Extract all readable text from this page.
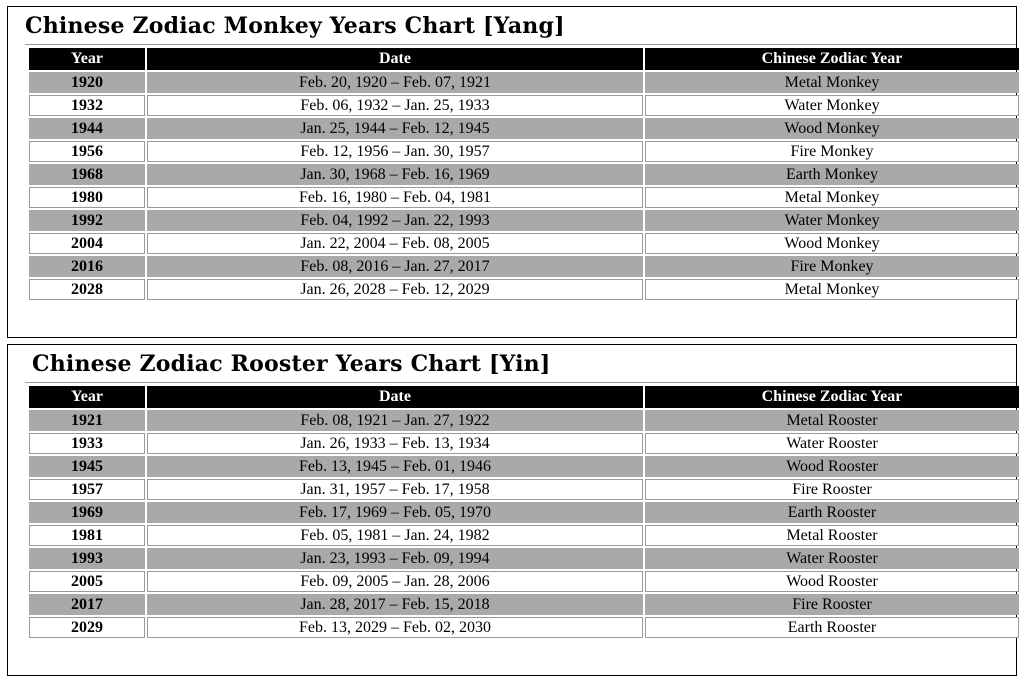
Chinese Zodiac Monkey Years Chart [Yang]
Year	Date	Chinese Zodiac Year
1920	Feb. 20, 1920 – Feb. 07, 1921	Metal Monkey
1932	Feb. 06, 1932 – Jan. 25, 1933	Water Monkey
1944	Jan. 25, 1944 – Feb. 12, 1945	Wood Monkey
1956	Feb. 12, 1956 – Jan. 30, 1957	Fire Monkey
1968	Jan. 30, 1968 – Feb. 16, 1969	Earth Monkey
1980	Feb. 16, 1980 – Feb. 04, 1981	Metal Monkey
1992	Feb. 04, 1992 – Jan. 22, 1993	Water Monkey
2004	Jan. 22, 2004 – Feb. 08, 2005	Wood Monkey
2016	Feb. 08, 2016 – Jan. 27, 2017	Fire Monkey
2028	Jan. 26, 2028 – Feb. 12, 2029	Metal Monkey
Chinese Zodiac Rooster Years Chart [Yin]
Year	Date	Chinese Zodiac Year
1921	Feb. 08, 1921 – Jan. 27, 1922	Metal Rooster
1933	Jan. 26, 1933 – Feb. 13, 1934	Water Rooster
1945	Feb. 13, 1945 – Feb. 01, 1946	Wood Rooster
1957	Jan. 31, 1957 – Feb. 17, 1958	Fire Rooster
1969	Feb. 17, 1969 – Feb. 05, 1970	Earth Rooster
1981	Feb. 05, 1981 – Jan. 24, 1982	Metal Rooster
1993	Jan. 23, 1993 – Feb. 09, 1994	Water Rooster
2005	Feb. 09, 2005 – Jan. 28, 2006	Wood Rooster
2017	Jan. 28, 2017 – Feb. 15, 2018	Fire Rooster
2029	Feb. 13, 2029 – Feb. 02, 2030	Earth Rooster
